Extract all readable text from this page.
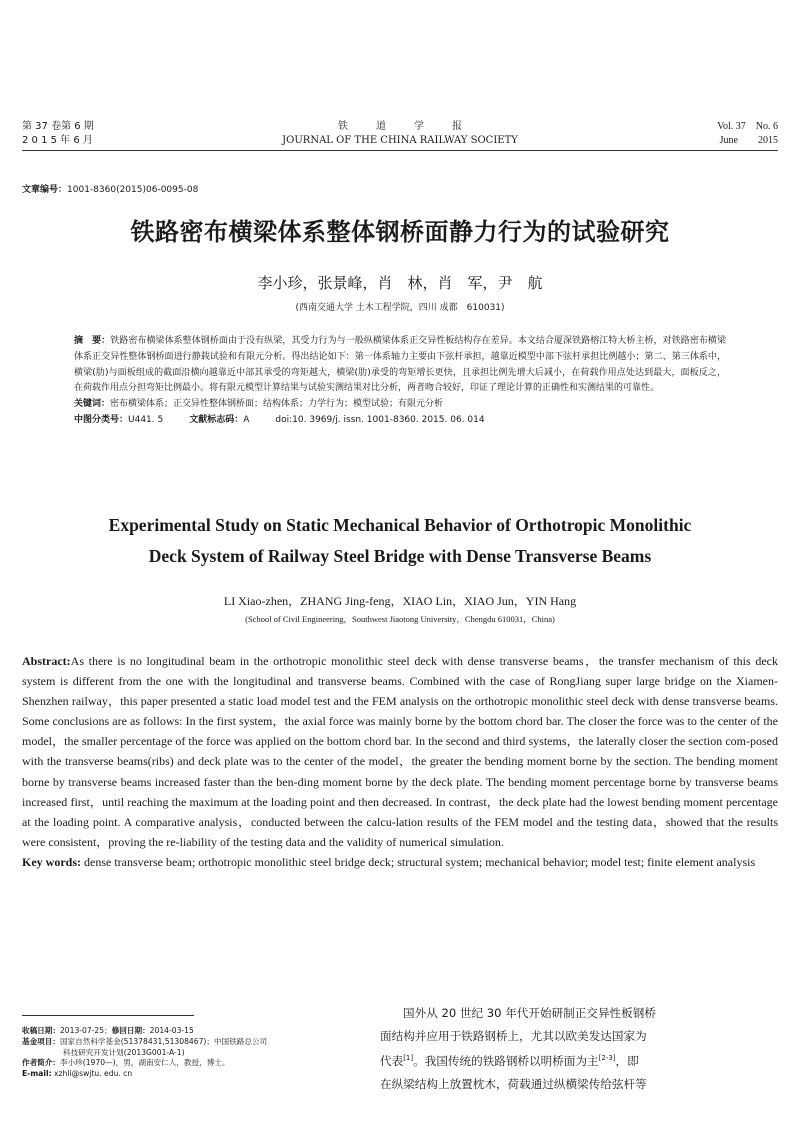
第 37 卷第 6 期
2 0 1 5 年 6 月
铁道学报
JOURNAL OF THE CHINA RAILWAY SOCIETY
Vol. 37　No. 6
June　　2015
文章编号：1001-8360(2015)06-0095-08
铁路密布横梁体系整体钢桥面静力行为的试验研究
李小珍，张景峰，肖　林，肖　军，尹　航
(西南交通大学 土木工程学院，四川 成都　610031)

摘　要：铁路密布横梁体系整体钢桥面由于没有纵梁，其受力行为与一般纵横梁体系正交异性板结构存在差异。本文结合厦深铁路榕江特大桥主桥，对铁路密布横梁体系正交异性整体钢桥面进行静载试验和有限元分析。得出结论如下：第一体系轴力主要由下弦杆承担，越靠近模型中部下弦杆承担比例越小；第二、第三体系中，横梁(肋)与面板组成的截面沿横向越靠近中部其承受的弯矩越大，横梁(肋)承受的弯矩增长更快，且承担比例先增大后减小，在荷载作用点处达到最大，面板反之，在荷载作用点分担弯矩比例最小。将有限元模型计算结果与试验实测结果对比分析，两者吻合较好，印证了理论计算的正确性和实测结果的可靠性。

关键词：密布横梁体系；正交异性整体钢桥面；结构体系；力学行为；模型试验；有限元分析

中图分类号：U441. 5	文献标志码：A	doi:10. 3969/j. issn. 1001-8360. 2015. 06. 014

Experimental Study on Static Mechanical Behavior of Orthotropic Monolithic
Deck System of Railway Steel Bridge with Dense Transverse Beams
LI Xiao-zhen，ZHANG Jing-feng，XIAO Lin，XIAO Jun，YIN Hang
(School of Civil Engineering，Southwest Jiaotong University，Chengdu 610031，China)

Abstract:As there is no longitudinal beam in the orthotropic monolithic steel deck with dense transverse beams，the transfer mechanism of this deck system is different from the one with the longitudinal and transverse beams. Combined with the case of RongJiang super large bridge on the Xiamen-Shenzhen railway，this paper presented a static load model test and the FEM analysis on the orthotropic monolithic steel deck with dense transverse beams. Some conclusions are as follows: In the first system，the axial force was mainly borne by the bottom chord bar. The closer the force was to the center of the model，the smaller percentage of the force was applied on the bottom chord bar. In the second and third systems，the laterally closer the section com-posed with the transverse beams(ribs) and deck plate was to the center of the model，the greater the bending moment borne by the section. The bending moment borne by transverse beams increased faster than the ben-ding moment borne by the deck plate. The bending moment percentage borne by transverse beams increased first，until reaching the maximum at the loading point and then decreased. In contrast，the deck plate had the lowest bending moment percentage at the loading point. A comparative analysis，conducted between the calcu-lation results of the FEM model and the testing data，showed that the results were consistent，proving the re-liability of the testing data and the validity of numerical simulation.

Key words: dense transverse beam; orthotropic monolithic steel bridge deck; structural system; mechanical behavior; model test; finite element analysis

收稿日期：2013-07-25；修回日期：2014-03-15
基金项目：国家自然科学基金(51378431,51308467)；中国铁路总公司
科技研究开发计划(2013G001-A-1)
作者简介：李小珍(1970—)，男，湖南安仁人，教授，博士。
E-mail: xzhli@swjtu. edu. cn
国外从 20 世纪 30 年代开始研制正交异性板钢桥
面结构并应用于铁路钢桥上，尤其以欧美发达国家为
代表[1]。我国传统的铁路钢桥以明桥面为主[2-3]，即
在纵梁结构上放置枕木，荷载通过纵横梁传给弦杆等
